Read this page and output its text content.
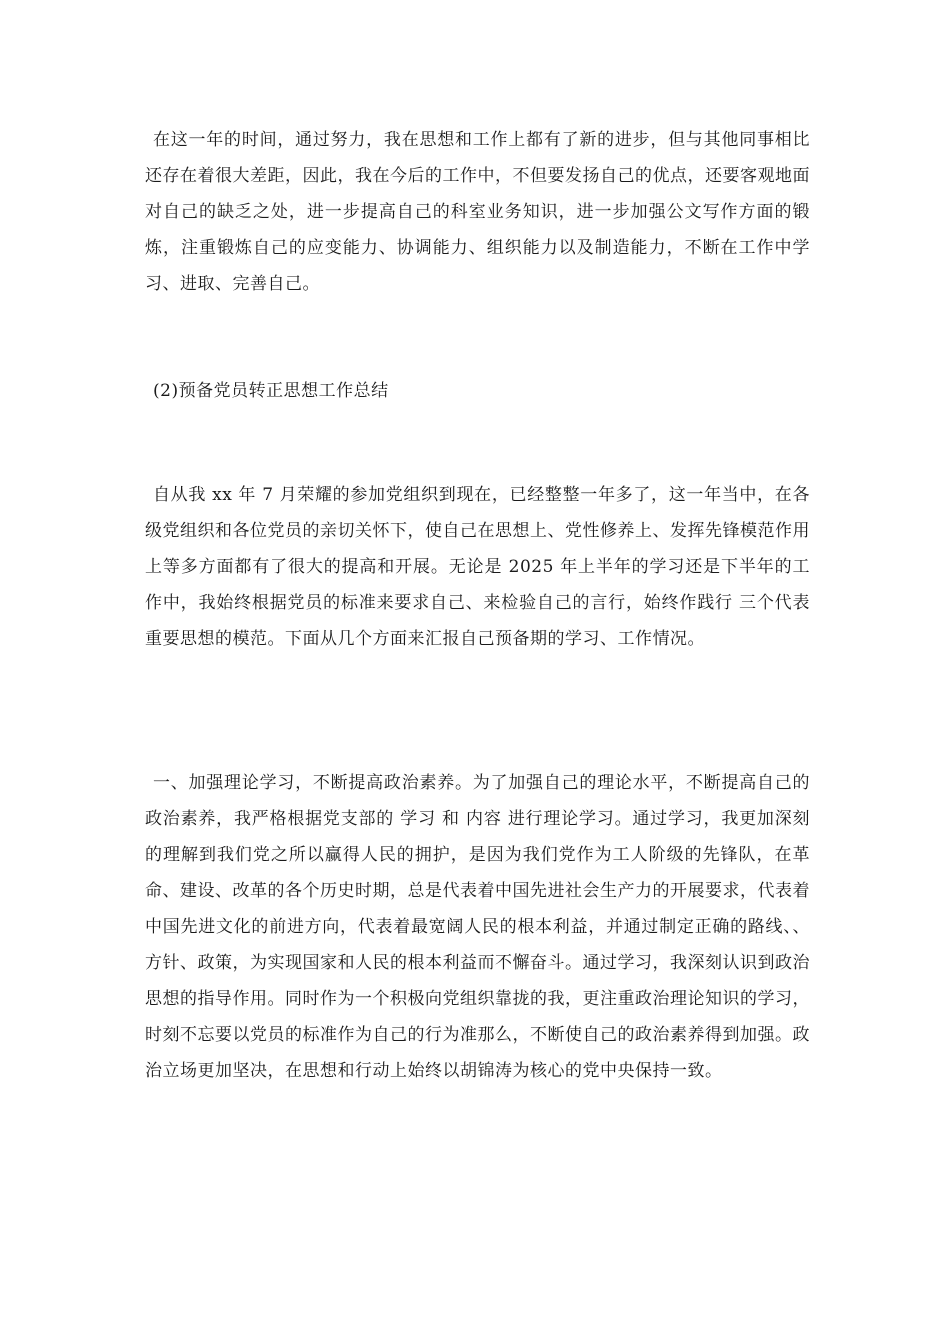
在这一年的时间，通过努力，我在思想和工作上都有了新的进步，但与其他同事相比还存在着很大差距，因此，我在今后的工作中，不但要发扬自己的优点，还要客观地面对自己的缺乏之处，进一步提高自己的科室业务知识，进一步加强公文写作方面的锻炼，注重锻炼自己的应变能力、协调能力、组织能力以及制造能力，不断在工作中学习、进取、完善自己。

(2)预备党员转正思想工作总结

自从我 xx 年 7 月荣耀的参加党组织到现在，已经整整一年多了，这一年当中，在各级党组织和各位党员的亲切关怀下，使自己在思想上、党性修养上、发挥先锋模范作用上等多方面都有了很大的提高和开展。无论是 2025 年上半年的学习还是下半年的工作中，我始终根据党员的标准来要求自己、来检验自己的言行，始终作践行 三个代表 重要思想的模范。下面从几个方面来汇报自己预备期的学习、工作情况。

一、加强理论学习，不断提高政治素养。为了加强自己的理论水平，不断提高自己的政治素养，我严格根据党支部的 学习 和 内容 进行理论学习。通过学习，我更加深刻的理解到我们党之所以赢得人民的拥护，是因为我们党作为工人阶级的先锋队，在革命、建设、改革的各个历史时期，总是代表着中国先进社会生产力的开展要求，代表着中国先进文化的前进方向，代表着最宽阔人民的根本利益，并通过制定正确的路线、、方针、政策，为实现国家和人民的根本利益而不懈奋斗。通过学习，我深刻认识到政治思想的指导作用。同时作为一个积极向党组织靠拢的我，更注重政治理论知识的学习，时刻不忘要以党员的标准作为自己的行为准那么，不断使自己的政治素养得到加强。政治立场更加坚决，在思想和行动上始终以胡锦涛为核心的党中央保持一致。
